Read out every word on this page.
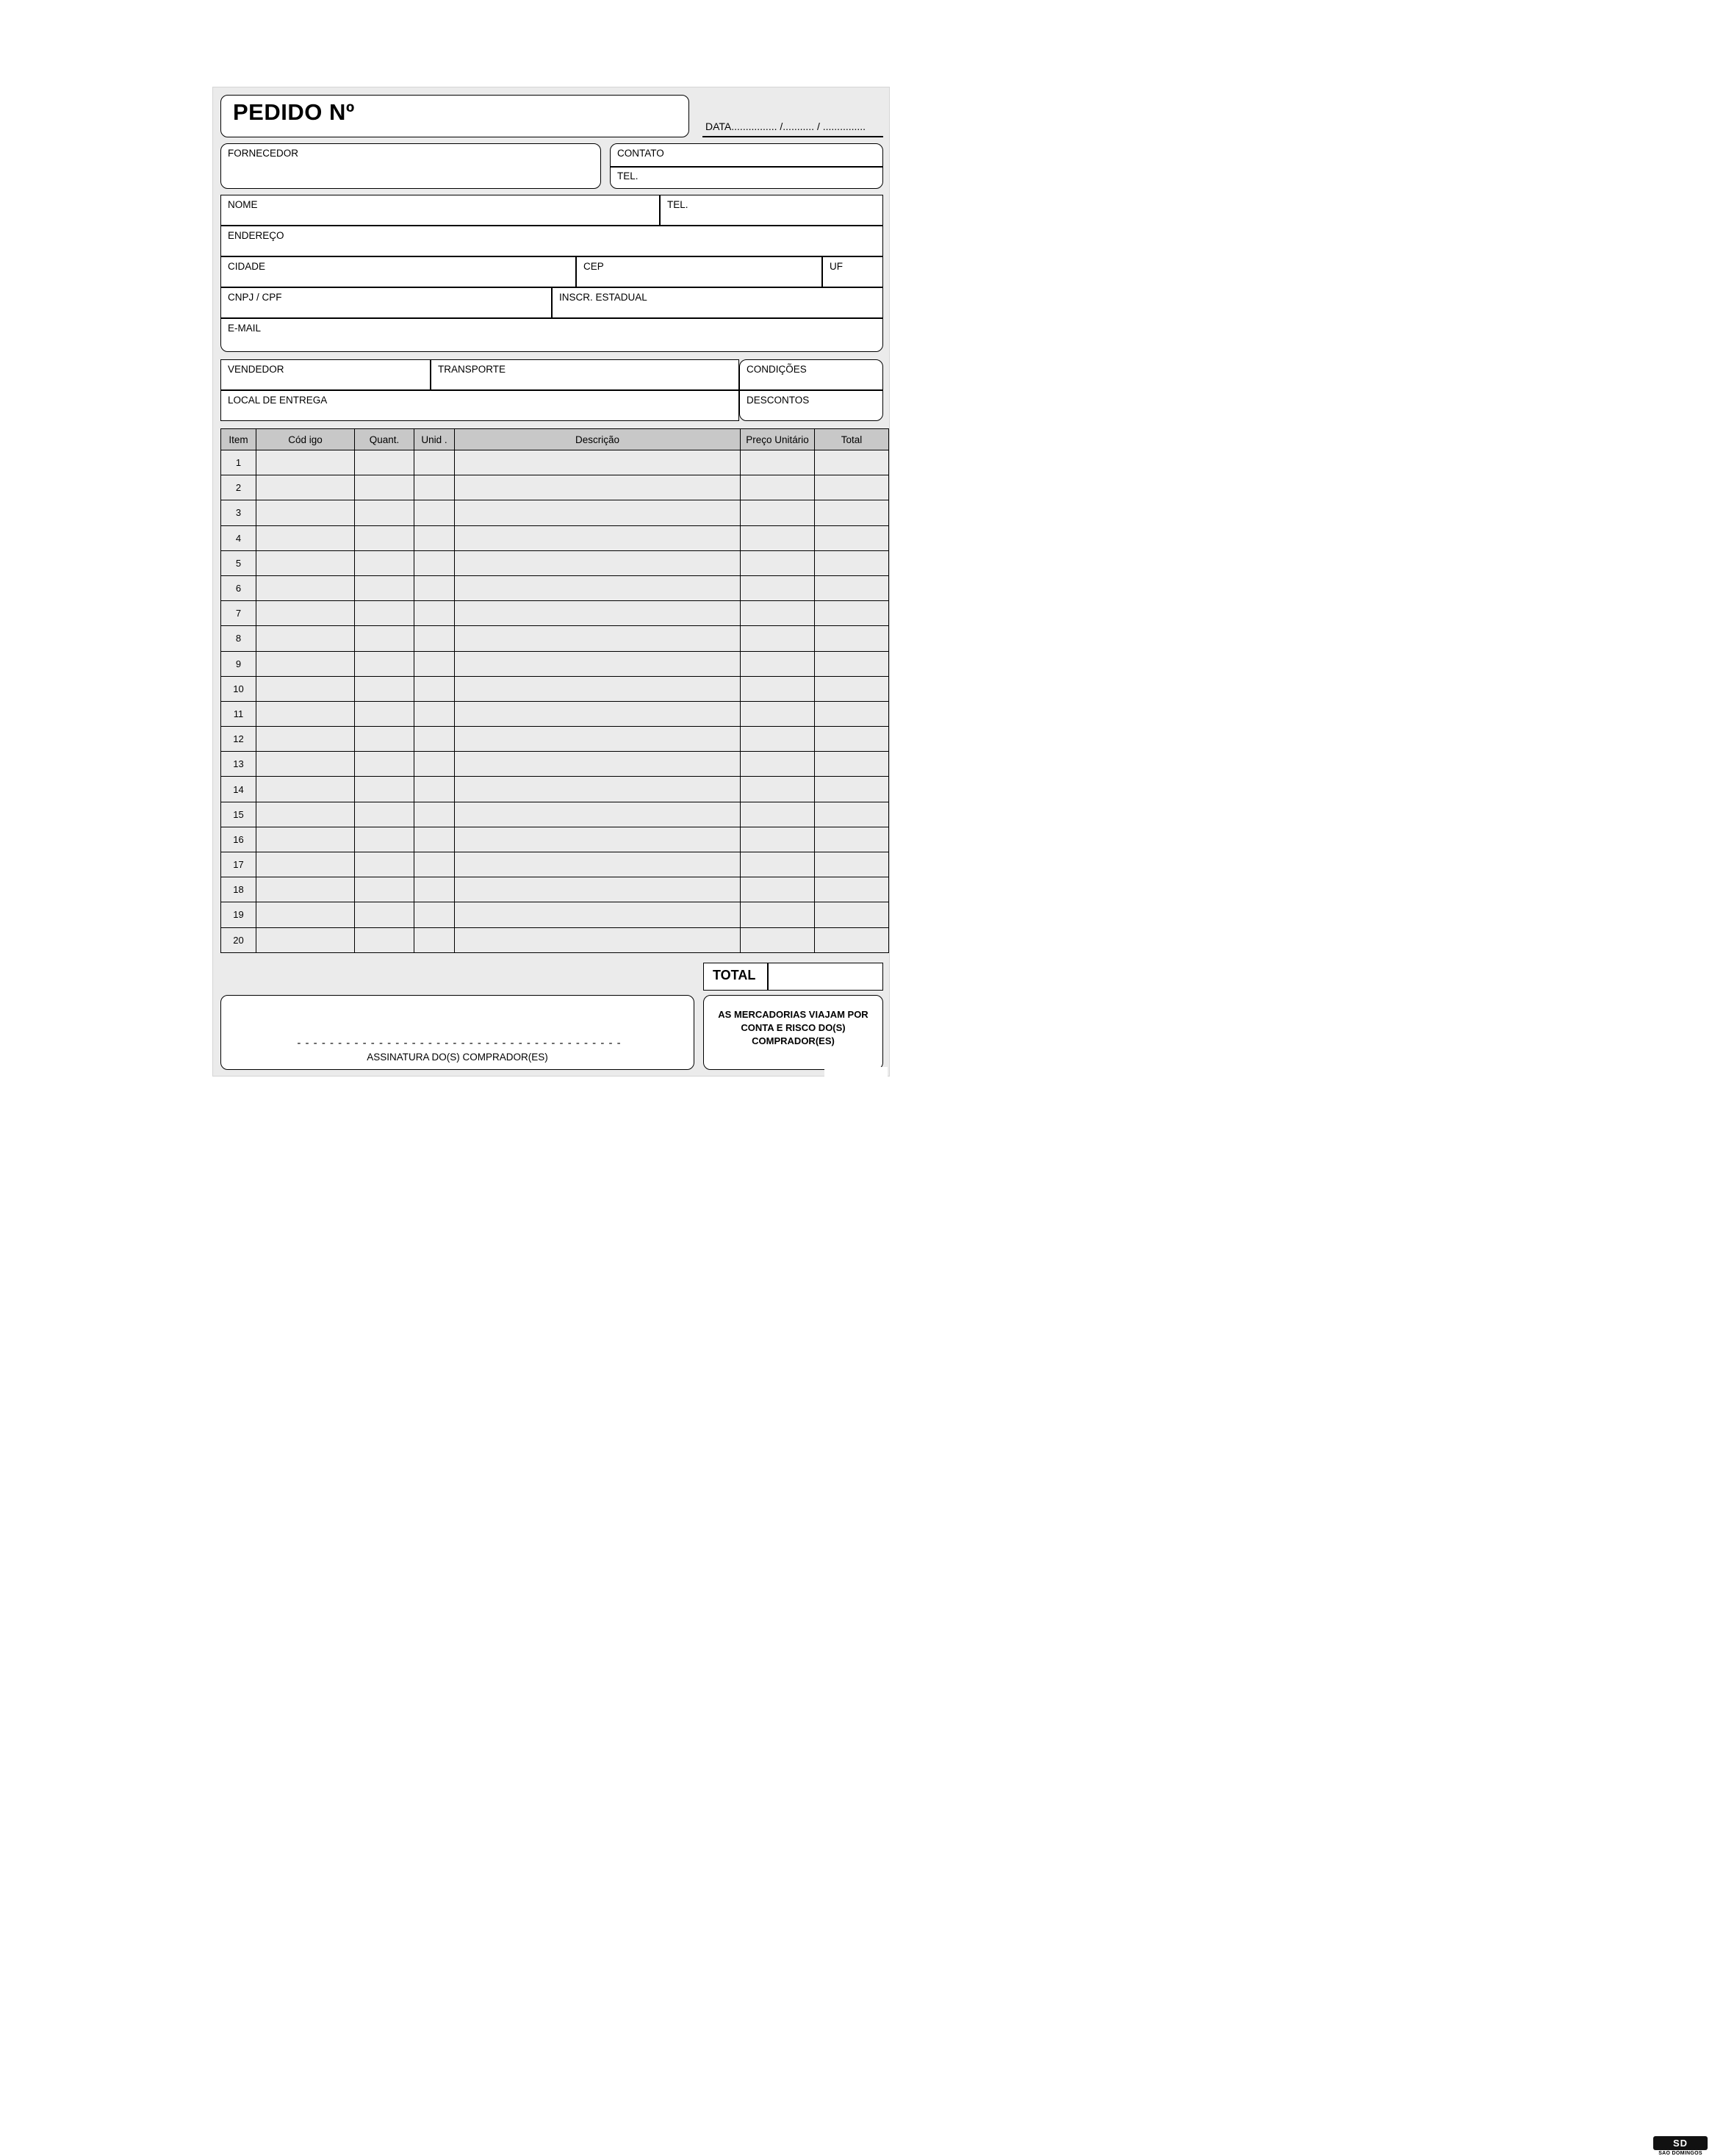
PEDIDO Nº
DATA................ /........... / ...............
FORNECEDOR	CONTATO
TEL.
NOME	TEL.
ENDEREÇO
CIDADE	CEP	UF
CNPJ / CPF	INSCR. ESTADUAL
E-MAIL
VENDEDOR	TRANSPORTE	CONDIÇÕES
LOCAL DE ENTREGA	DESCONTOS
Item	Cód igo	Quant.	Unid .	Descrição	Preço Unitário	Total
1						
2						
3						
4						
5						
6						
7						
8						
9						
10						
11						
12						
13						
14						
15						
16						
17						
18						
19						
20						
TOTAL
- - - - - - - - - - - - - - - - - - - - - - - - - - - - - - - - - - - - - - - -
ASSINATURA DO(S) COMPRADOR(ES)
AS MERCADORIAS VIAJAM POR CONTA E RISCO DO(S) COMPRADOR(ES)
SD
SAO DOMINGOS
